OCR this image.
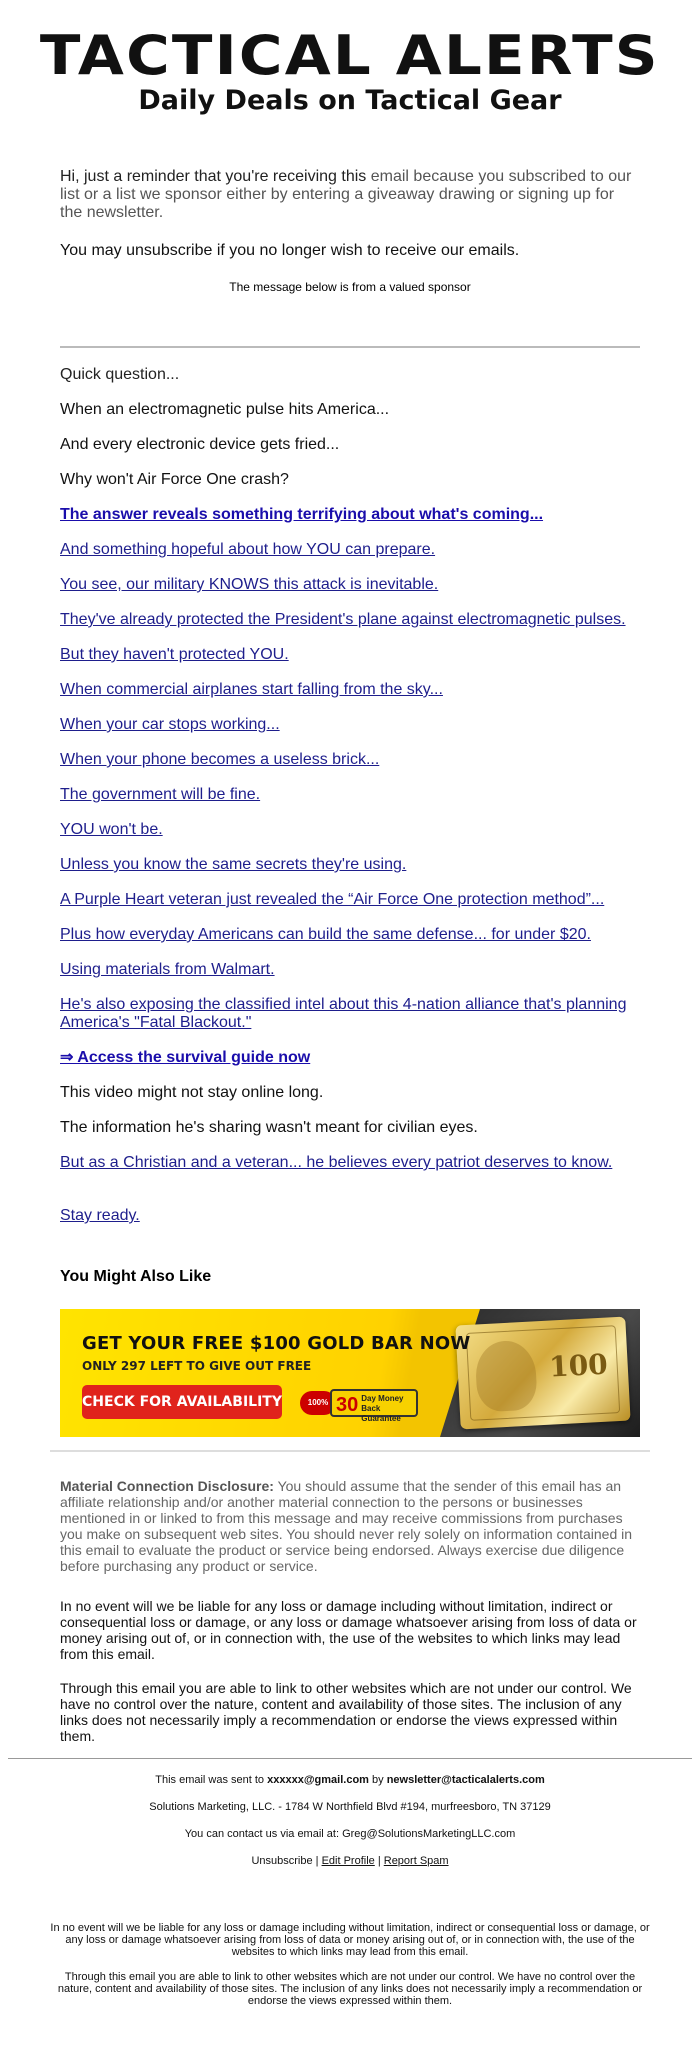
TACTICAL ALERTS
Daily Deals on Tactical Gear
Hi, just a reminder that you're receiving this email because you subscribed to our list or a list we sponsor either by entering a giveaway drawing or signing up for the newsletter.
You may unsubscribe if you no longer wish to receive our emails.
The message below is from a valued sponsor
Quick question...
When an electromagnetic pulse hits America...
And every electronic device gets fried...
Why won't Air Force One crash?
The answer reveals something terrifying about what's coming...
And something hopeful about how YOU can prepare.
You see, our military KNOWS this attack is inevitable.
They've already protected the President's plane against electromagnetic pulses.
But they haven't protected YOU.
When commercial airplanes start falling from the sky...
When your car stops working...
When your phone becomes a useless brick...
The government will be fine.
YOU won't be.
Unless you know the same secrets they're using.
A Purple Heart veteran just revealed the “Air Force One protection method”...
Plus how everyday Americans can build the same defense... for under $20.
Using materials from Walmart.
He's also exposing the classified intel about this 4-nation alliance that's planning America's "Fatal Blackout."
⇒ Access the survival guide now
This video might not stay online long.
The information he's sharing wasn't meant for civilian eyes.
But as a Christian and a veteran... he believes every patriot deserves to know.
Stay ready.
You Might Also Like
100
GET YOUR FREE $100 GOLD BAR NOW
ONLY 297 LEFT TO GIVE OUT FREE
CHECK FOR AVAILABILITY	100% 30 Day Money Back Guarantee
Material Connection Disclosure: You should assume that the sender of this email has an affiliate relationship and/or another material connection to the persons or businesses mentioned in or linked to from this message and may receive commissions from purchases you make on subsequent web sites. You should never rely solely on information contained in this email to evaluate the product or service being endorsed. Always exercise due diligence before purchasing any product or service.
In no event will we be liable for any loss or damage including without limitation, indirect or consequential loss or damage, or any loss or damage whatsoever arising from loss of data or money arising out of, or in connection with, the use of the websites to which links may lead from this email.
Through this email you are able to link to other websites which are not under our control. We have no control over the nature, content and availability of those sites. The inclusion of any links does not necessarily imply a recommendation or endorse the views expressed within them.
This email was sent to xxxxxx@gmail.com by newsletter@tacticalalerts.com
Solutions Marketing, LLC. - 1784 W Northfield Blvd #194, murfreesboro, TN 37129
You can contact us via email at: Greg@SolutionsMarketingLLC.com
Unsubscribe | Edit Profile | Report Spam
In no event will we be liable for any loss or damage including without limitation, indirect or consequential loss or damage, or any loss or damage whatsoever arising from loss of data or money arising out of, or in connection with, the use of the websites to which links may lead from this email.
Through this email you are able to link to other websites which are not under our control. We have no control over the nature, content and availability of those sites. The inclusion of any links does not necessarily imply a recommendation or endorse the views expressed within them.
